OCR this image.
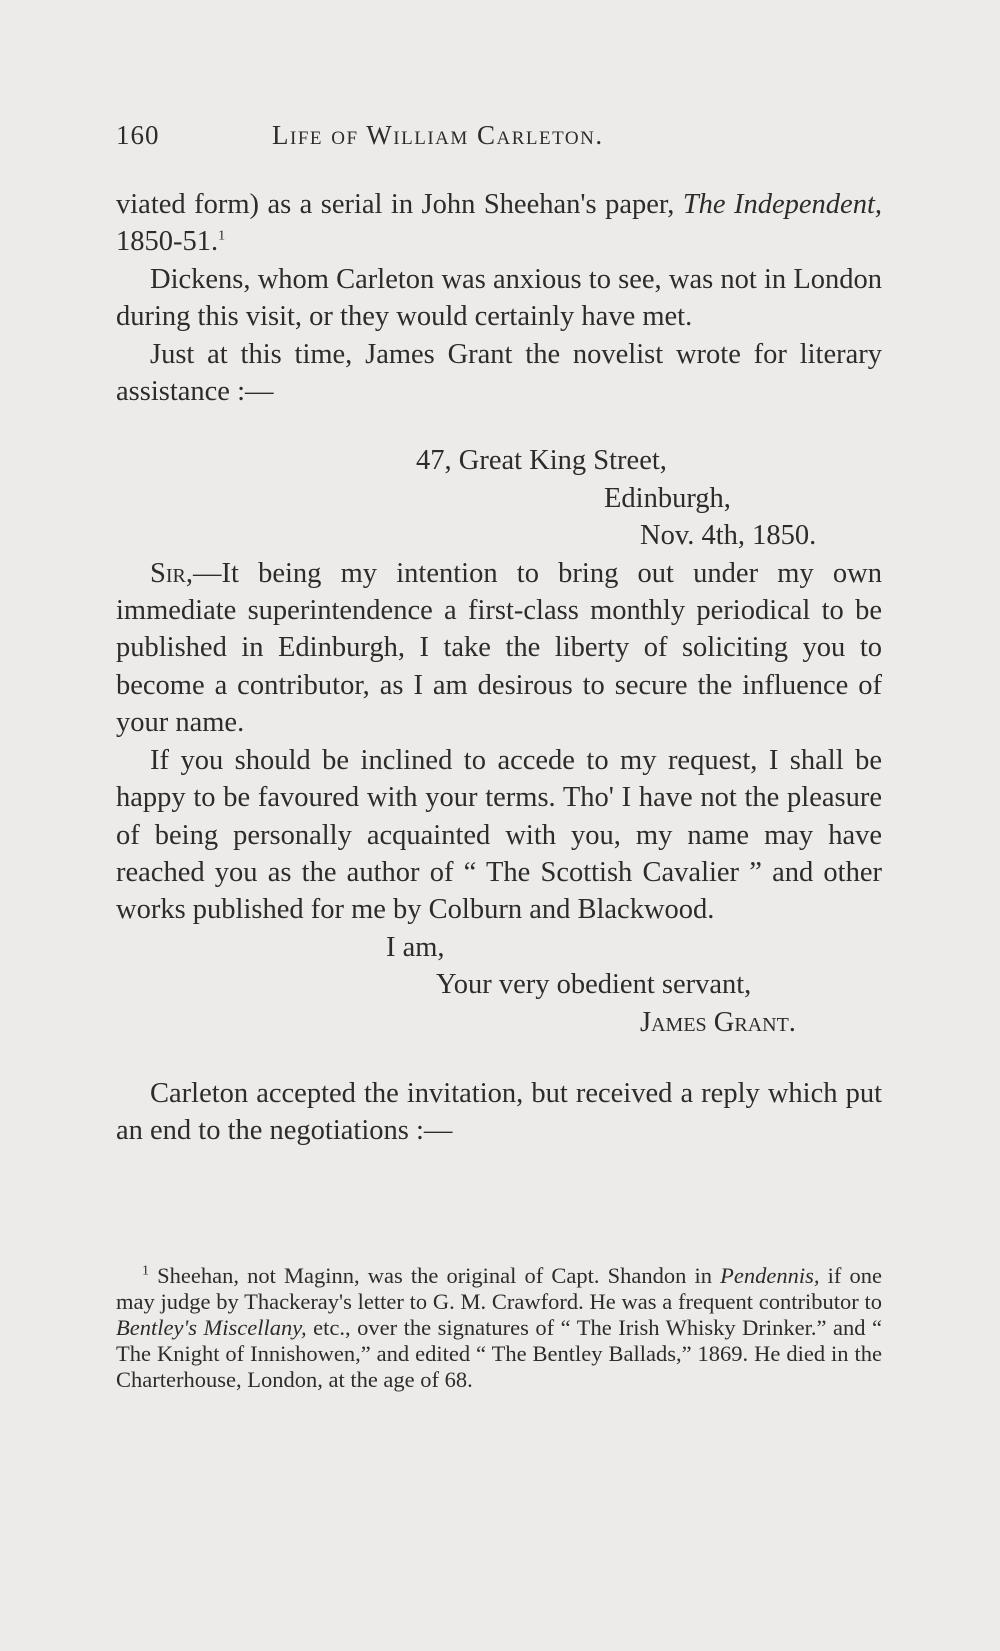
160	Life of William Carleton.

viated form) as a serial in John Sheehan's paper, The Independent, 1850-51.$^1$

Dickens, whom Carleton was anxious to see, was not in London during this visit, or they would certainly have met.

Just at this time, James Grant the novelist wrote for literary assistance :—

47, Great King Street,

Edinburgh,

Nov. 4th, 1850.

Sir,—It being my intention to bring out under my own immediate superintendence a first-class monthly periodical to be published in Edinburgh, I take the liberty of soliciting you to become a contributor, as I am desirous to secure the influence of your name.

If you should be inclined to accede to my request, I shall be happy to be favoured with your terms. Tho' I have not the pleasure of being personally acquainted with you, my name may have reached you as the author of “ The Scottish Cavalier ” and other works published for me by Colburn and Blackwood.

I am,

Your very obedient servant,

James Grant.

Carleton accepted the invitation, but received a reply which put an end to the negotiations :—

$^1$ Sheehan, not Maginn, was the original of Capt. Shandon in Pendennis, if one may judge by Thackeray's letter to G. M. Crawford. He was a frequent contributor to Bentley's Miscellany, etc., over the signatures of “ The Irish Whisky Drinker.” and “ The Knight of Innishowen,” and edited “ The Bentley Ballads,” 1869. He died in the Charterhouse, London, at the age of 68.
